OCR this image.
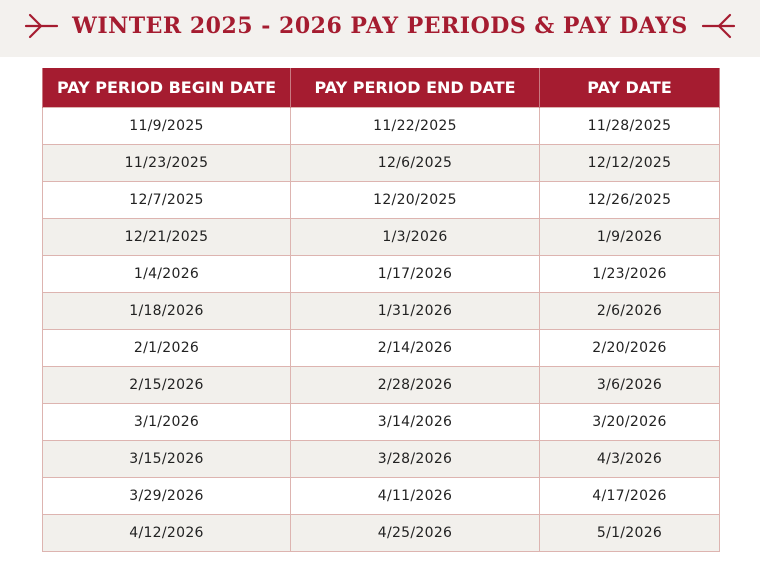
WINTER 2025 - 2026 PAY PERIODS & PAY DAYS
PAY PERIOD BEGIN DATE	PAY PERIOD END DATE	PAY DATE
11/9/2025	11/22/2025	11/28/2025
11/23/2025	12/6/2025	12/12/2025
12/7/2025	12/20/2025	12/26/2025
12/21/2025	1/3/2026	1/9/2026
1/4/2026	1/17/2026	1/23/2026
1/18/2026	1/31/2026	2/6/2026
2/1/2026	2/14/2026	2/20/2026
2/15/2026	2/28/2026	3/6/2026
3/1/2026	3/14/2026	3/20/2026
3/15/2026	3/28/2026	4/3/2026
3/29/2026	4/11/2026	4/17/2026
4/12/2026	4/25/2026	5/1/2026
